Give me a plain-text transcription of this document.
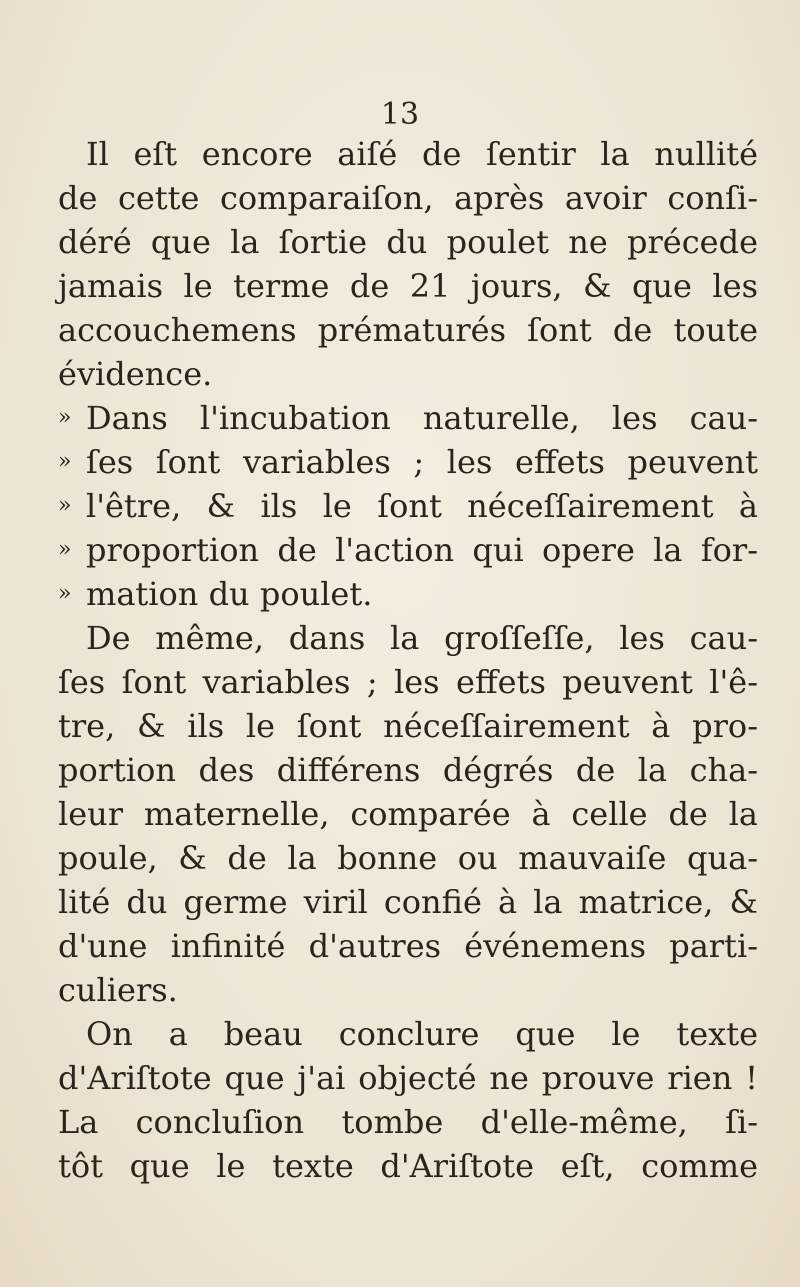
13
Il eſt encore aiſé de ſentir la nullité
de cette comparaiſon, après avoir conſi-
déré que la ſortie du poulet ne précede
jamais le terme de 21 jours, & que les
accouchemens prématurés ſont de toute
évidence.
» Dans l'incubation naturelle, les cau-
» ſes ſont variables ; les effets peuvent
» l'être, & ils le ſont néceſſairement à
» proportion de l'action qui opere la for-
» mation du poulet.
De même, dans la groſſeſſe, les cau-
ſes ſont variables ; les effets peuvent l'ê-
tre, & ils le ſont néceſſairement à pro-
portion des différens dégrés de la cha-
leur maternelle, comparée à celle de la
poule, & de la bonne ou mauvaiſe qua-
lité du germe viril confié à la matrice, &
d'une infinité d'autres événemens parti-
culiers.
On a beau conclure que le texte
d'Ariſtote que j'ai objecté ne prouve rien !
La concluſion tombe d'elle-même, ſi-
tôt que le texte d'Ariſtote eſt, comme
